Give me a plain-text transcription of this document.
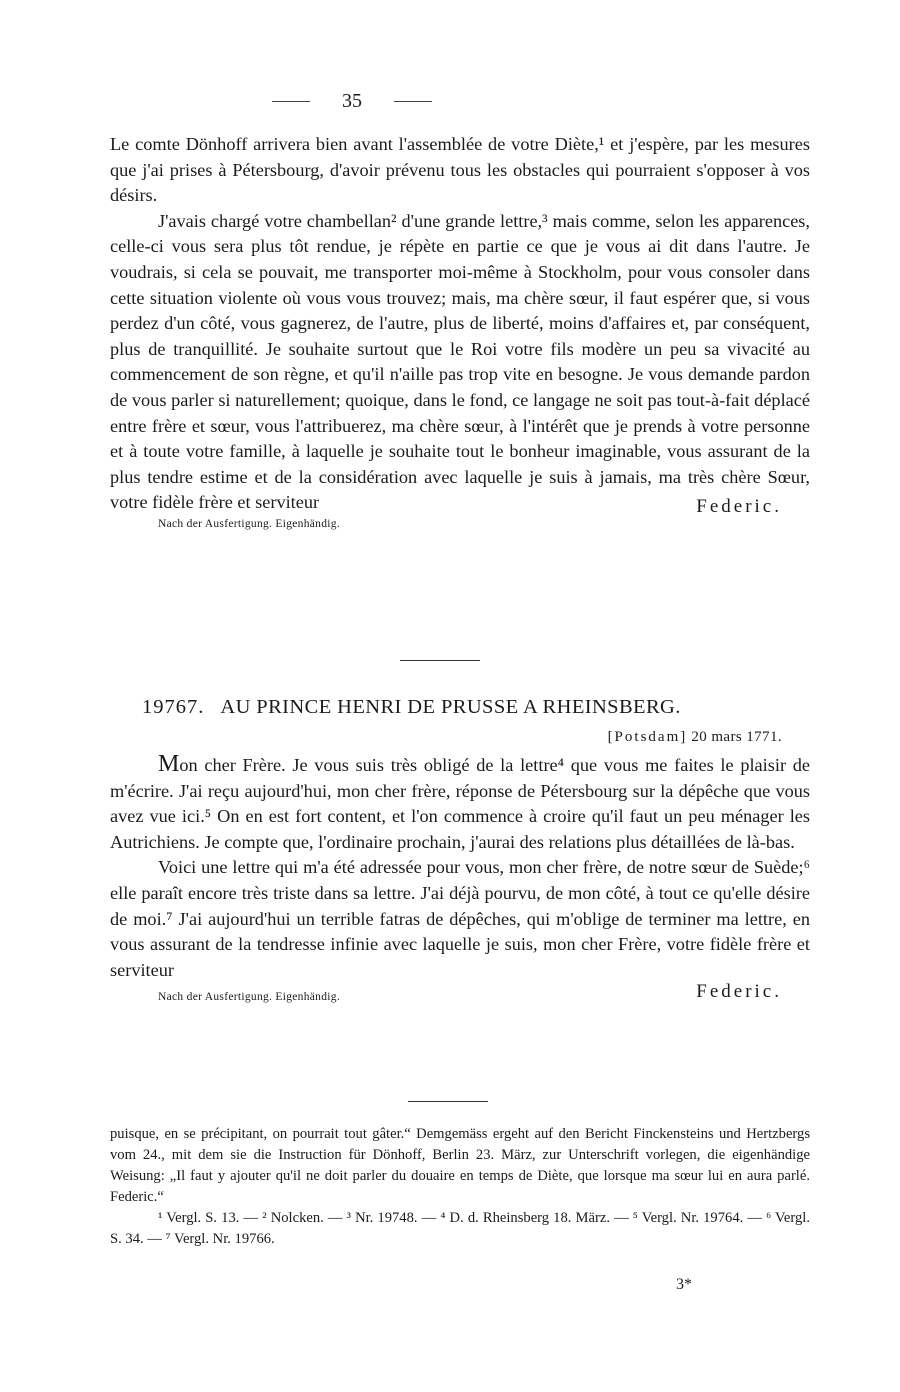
35

Le comte Dönhoff arrivera bien avant l'assemblée de votre Diète,¹ et j'espère, par les mesures que j'ai prises à Pétersbourg, d'avoir prévenu tous les obstacles qui pourraient s'opposer à vos désirs.

J'avais chargé votre chambellan² d'une grande lettre,³ mais comme, selon les apparences, celle-ci vous sera plus tôt rendue, je répète en partie ce que je vous ai dit dans l'autre. Je voudrais, si cela se pouvait, me transporter moi-même à Stockholm, pour vous consoler dans cette situation violente où vous vous trouvez; mais, ma chère sœur, il faut espérer que, si vous perdez d'un côté, vous gagnerez, de l'autre, plus de liberté, moins d'affaires et, par conséquent, plus de tranquillité. Je souhaite surtout que le Roi votre fils modère un peu sa vivacité au commencement de son règne, et qu'il n'aille pas trop vite en besogne. Je vous demande pardon de vous parler si naturellement; quoique, dans le fond, ce langage ne soit pas tout-à-fait déplacé entre frère et sœur, vous l'attribuerez, ma chère sœur, à l'intérêt que je prends à votre personne et à toute votre famille, à laquelle je souhaite tout le bonheur imaginable, vous assurant de la plus tendre estime et de la considération avec laquelle je suis à jamais, ma très chère Sœur, votre fidèle frère et serviteur

Nach der Ausfertigung. Eigenhändig.
Federic.
19767. AU PRINCE HENRI DE PRUSSE A RHEINSBERG.
[Potsdam] 20 mars 1771.

Mon cher Frère. Je vous suis très obligé de la lettre⁴ que vous me faites le plaisir de m'écrire. J'ai reçu aujourd'hui, mon cher frère, réponse de Pétersbourg sur la dépêche que vous avez vue ici.⁵ On en est fort content, et l'on commence à croire qu'il faut un peu ménager les Autrichiens. Je compte que, l'ordinaire prochain, j'aurai des relations plus détaillées de là-bas.

Voici une lettre qui m'a été adressée pour vous, mon cher frère, de notre sœur de Suède;⁶ elle paraît encore très triste dans sa lettre. J'ai déjà pourvu, de mon côté, à tout ce qu'elle désire de moi.⁷ J'ai aujourd'hui un terrible fatras de dépêches, qui m'oblige de terminer ma lettre, en vous assurant de la tendresse infinie avec laquelle je suis, mon cher Frère, votre fidèle frère et serviteur

Nach der Ausfertigung. Eigenhändig.	Federic.

puisque, en se précipitant, on pourrait tout gâter.“ Demgemäss ergeht auf den Bericht Finckensteins und Hertzbergs vom 24., mit dem sie die Instruction für Dönhoff, Berlin 23. März, zur Unterschrift vorlegen, die eigenhändige Weisung: „Il faut y ajouter qu'il ne doit parler du douaire en temps de Diète, que lorsque ma sœur lui en aura parlé. Federic.“

¹ Vergl. S. 13. — ² Nolcken. — ³ Nr. 19748. — ⁴ D. d. Rheinsberg 18. März. — ⁵ Vergl. Nr. 19764. — ⁶ Vergl. S. 34. — ⁷ Vergl. Nr. 19766.

3*
